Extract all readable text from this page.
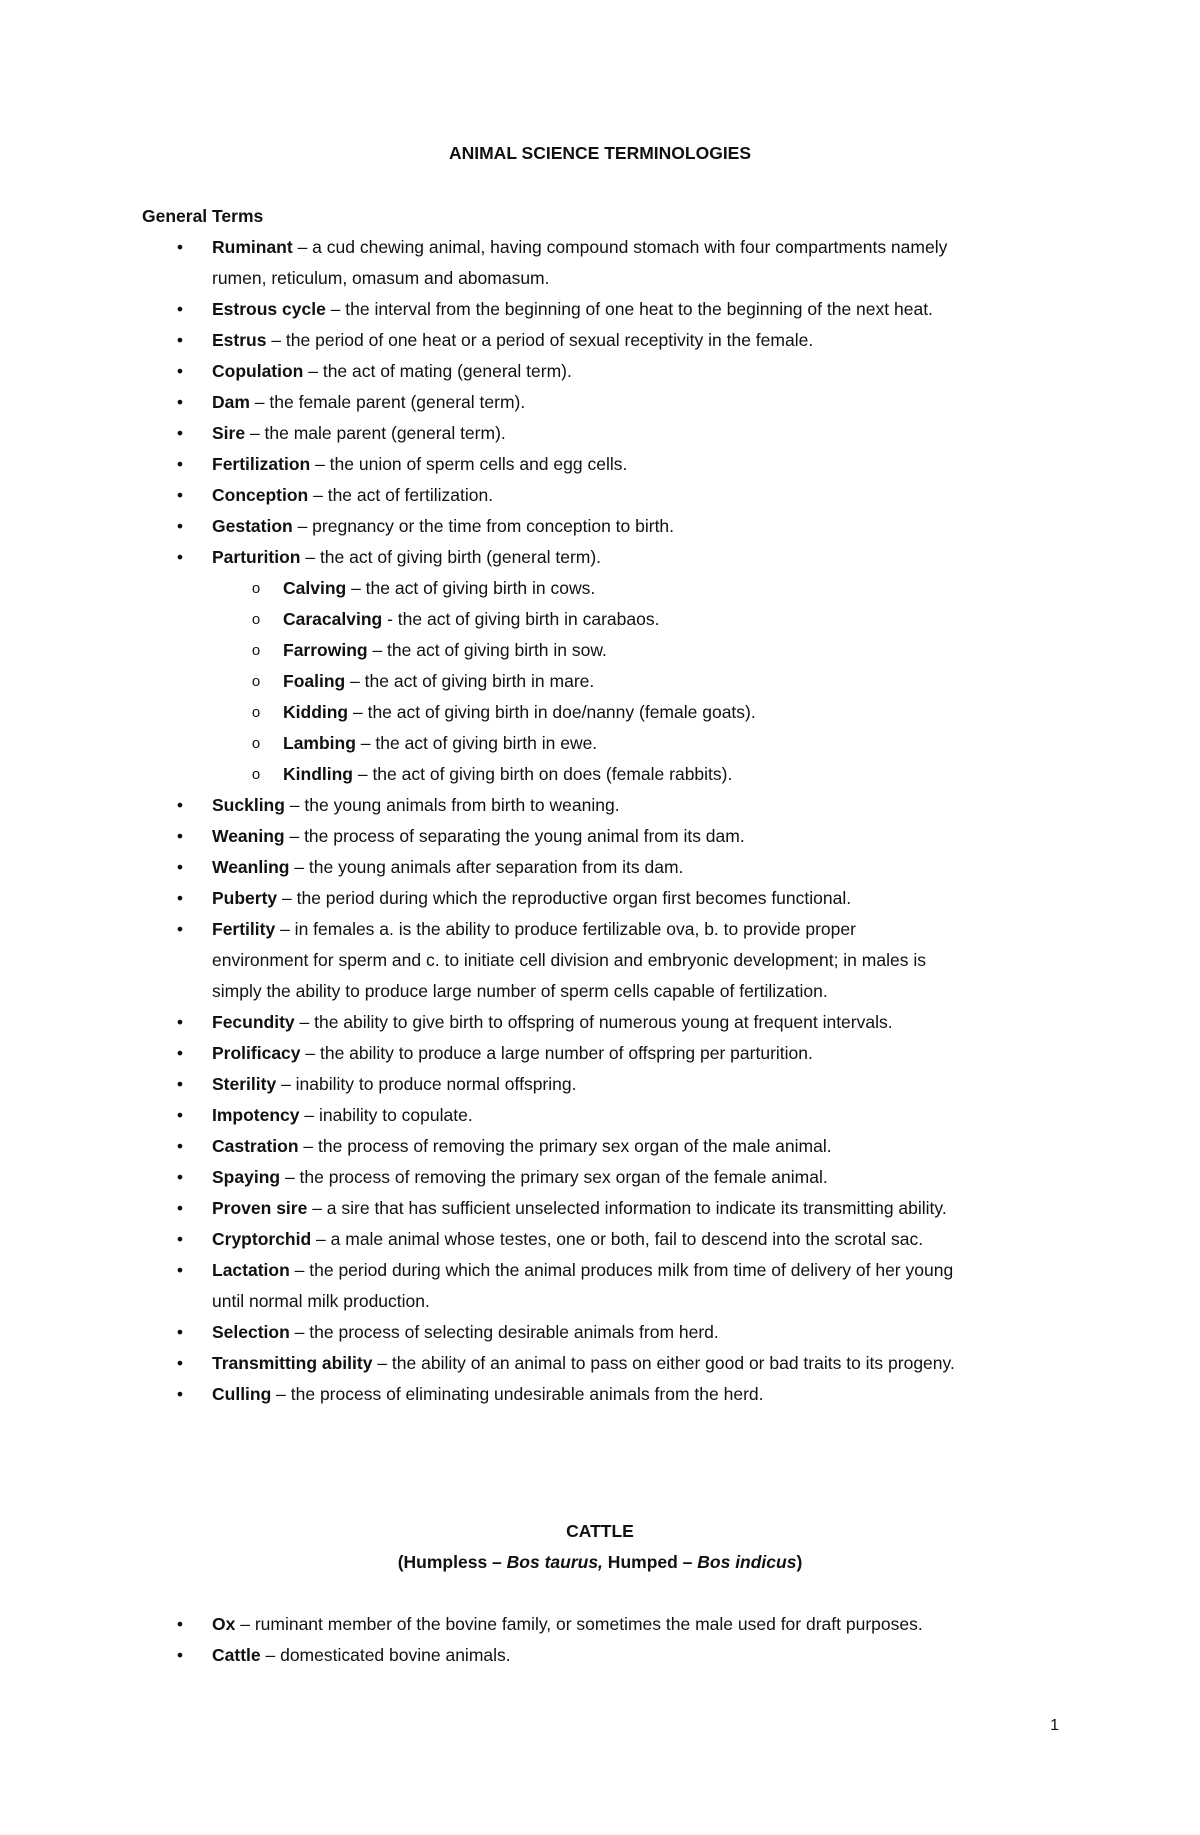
ANIMAL SCIENCE TERMINOLOGIES
General Terms
•	Ruminant – a cud chewing animal, having compound stomach with four compartments namely
rumen, reticulum, omasum and abomasum.
•	Estrous cycle – the interval from the beginning of one heat to the beginning of the next heat.
•	Estrus – the period of one heat or a period of sexual receptivity in the female.
•	Copulation – the act of mating (general term).
•	Dam – the female parent (general term).
•	Sire – the male parent (general term).
•	Fertilization – the union of sperm cells and egg cells.
•	Conception – the act of fertilization.
•	Gestation – pregnancy or the time from conception to birth.
•	Parturition – the act of giving birth (general term).
o	Calving – the act of giving birth in cows.
o	Caracalving - the act of giving birth in carabaos.
o	Farrowing – the act of giving birth in sow.
o	Foaling – the act of giving birth in mare.
o	Kidding – the act of giving birth in doe/nanny (female goats).
o	Lambing – the act of giving birth in ewe.
o	Kindling – the act of giving birth on does (female rabbits).
•	Suckling – the young animals from birth to weaning.
•	Weaning – the process of separating the young animal from its dam.
•	Weanling – the young animals after separation from its dam.
•	Puberty – the period during which the reproductive organ first becomes functional.
•	Fertility – in females a. is the ability to produce fertilizable ova, b. to provide proper
environment for sperm and c. to initiate cell division and embryonic development; in males is
simply the ability to produce large number of sperm cells capable of fertilization.
•	Fecundity – the ability to give birth to offspring of numerous young at frequent intervals.
•	Prolificacy – the ability to produce a large number of offspring per parturition.
•	Sterility – inability to produce normal offspring.
•	Impotency – inability to copulate.
•	Castration – the process of removing the primary sex organ of the male animal.
•	Spaying – the process of removing the primary sex organ of the female animal.
•	Proven sire – a sire that has sufficient unselected information to indicate its transmitting ability.
•	Cryptorchid – a male animal whose testes, one or both, fail to descend into the scrotal sac.
•	Lactation – the period during which the animal produces milk from time of delivery of her young
until normal milk production.
•	Selection – the process of selecting desirable animals from herd.
•	Transmitting ability – the ability of an animal to pass on either good or bad traits to its progeny.
•	Culling – the process of eliminating undesirable animals from the herd.
CATTLE
(Humpless – Bos taurus, Humped – Bos indicus)
•	Ox – ruminant member of the bovine family, or sometimes the male used for draft purposes.
•	Cattle – domesticated bovine animals.
1
